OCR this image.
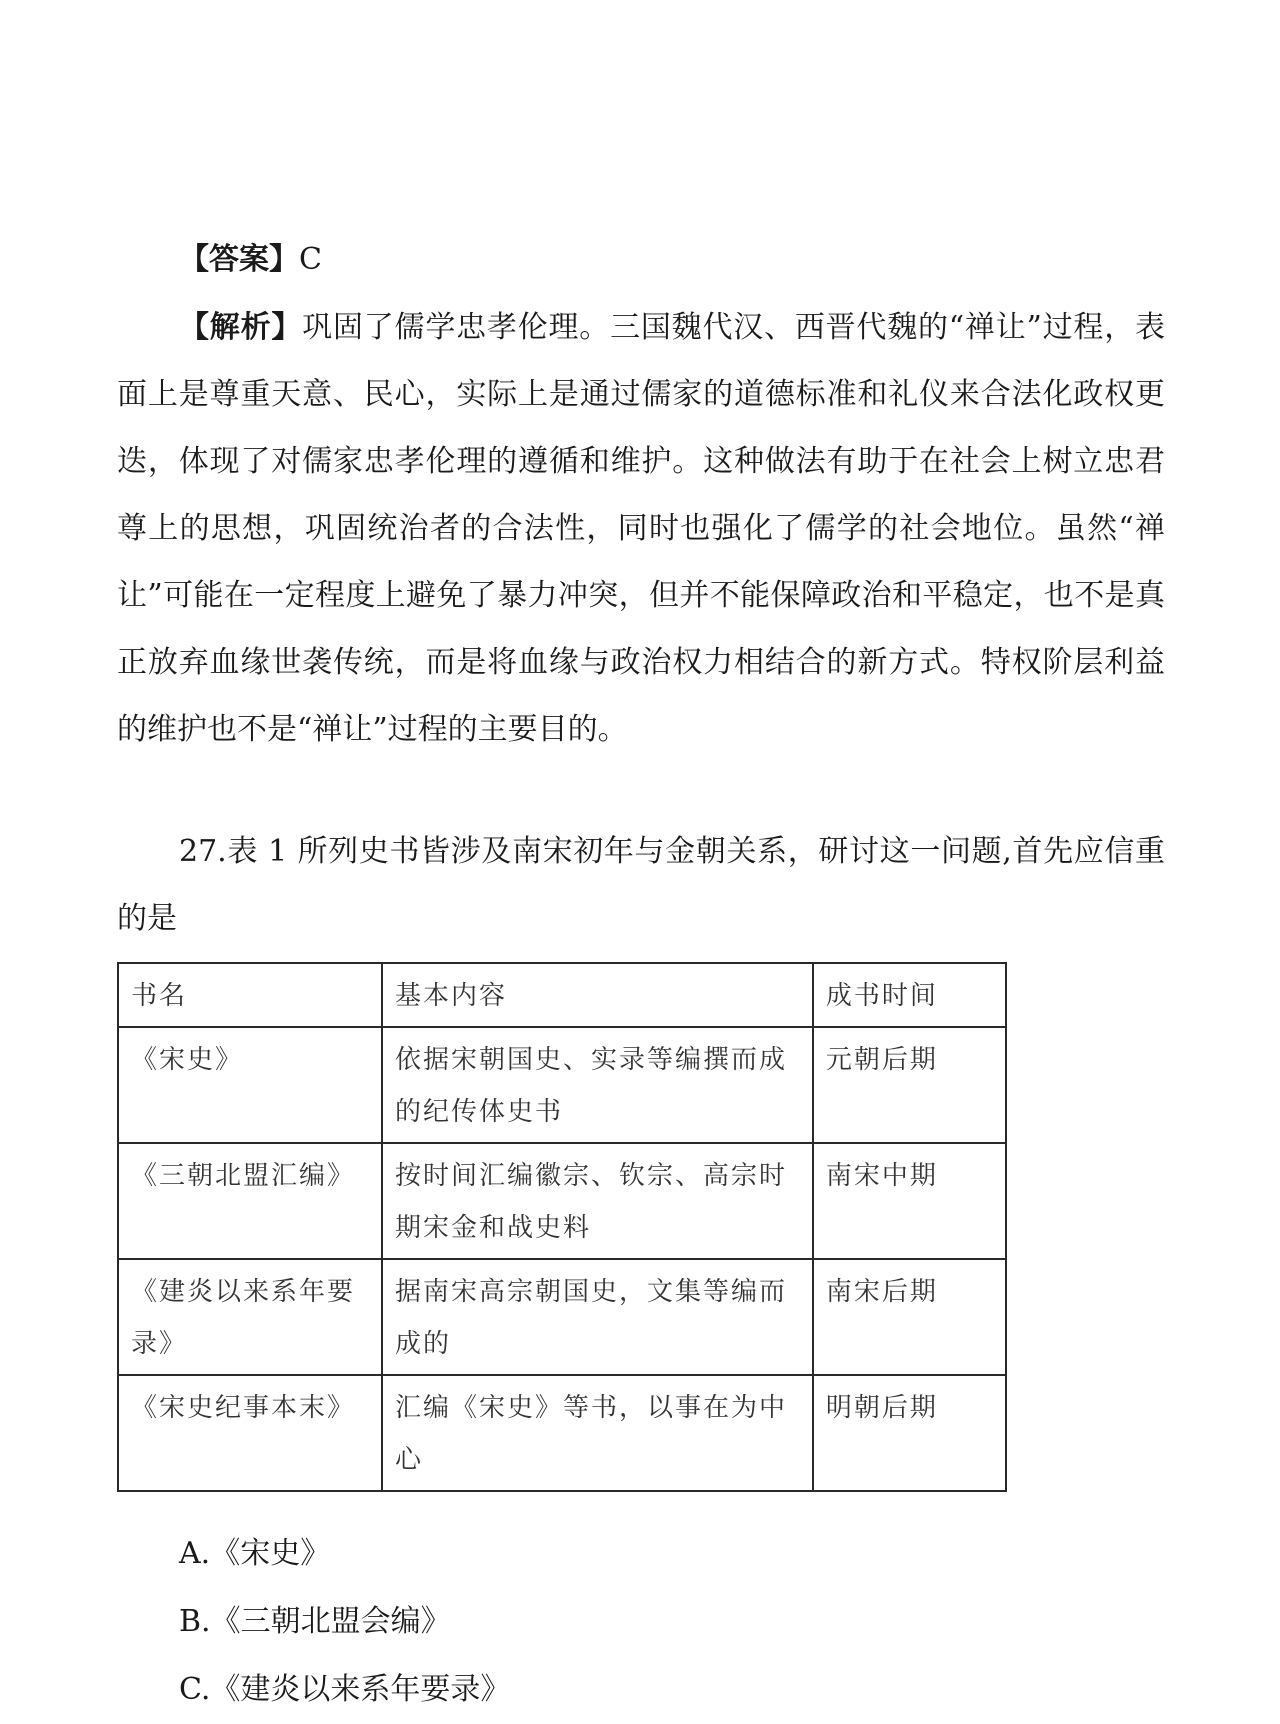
【答案】C

【解析】巩固了儒学忠孝伦理。三国魏代汉、西晋代魏的“禅让”过程，表面上是尊重天意、民心，实际上是通过儒家的道德标准和礼仪来合法化政权更迭，体现了对儒家忠孝伦理的遵循和维护。这种做法有助于在社会上树立忠君尊上的思想，巩固统治者的合法性，同时也强化了儒学的社会地位。虽然“禅让”可能在一定程度上避免了暴力冲突，但并不能保障政治和平稳定，也不是真正放弃血缘世袭传统，而是将血缘与政治权力相结合的新方式。特权阶层利益的维护也不是“禅让”过程的主要目的。

27.表 1 所列史书皆涉及南宋初年与金朝关系，研讨这一问题,首先应信重的是
书名	基本内容	成书时间
《宋史》	依据宋朝国史、实录等编撰而成的纪传体史书	元朝后期
《三朝北盟汇编》	按时间汇编徽宗、钦宗、高宗时期宋金和战史料	南宋中期
《建炎以来系年要录》	据南宋高宗朝国史，文集等编而成的	南宋后期
《宋史纪事本末》	汇编《宋史》等书，以事在为中心	明朝后期
A.《宋史》
B.《三朝北盟会编》
C.《建炎以来系年要录》
